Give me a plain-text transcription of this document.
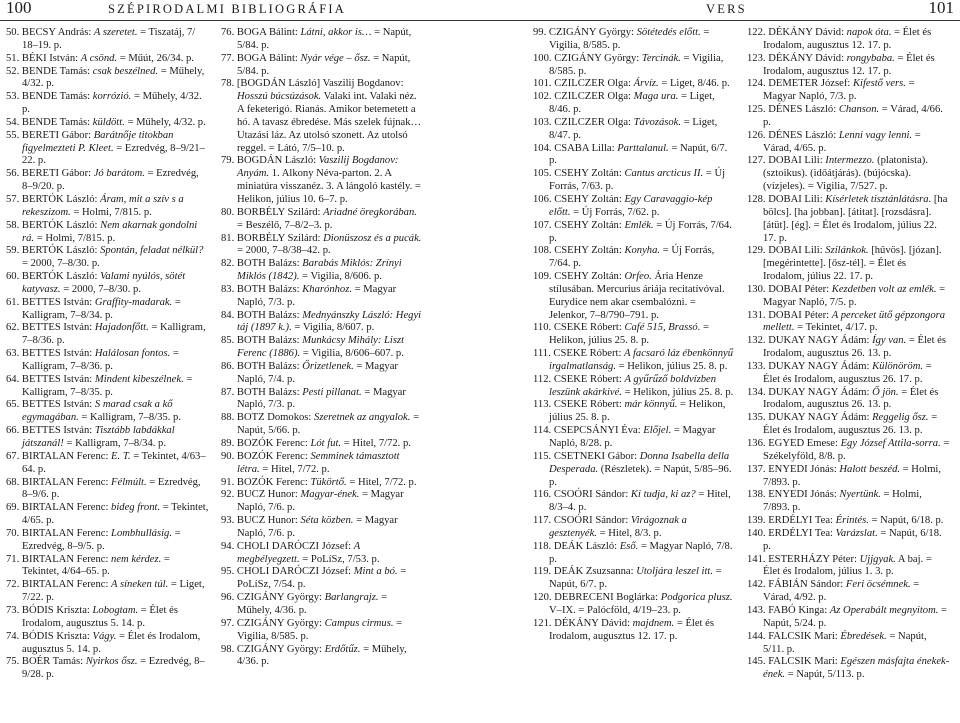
100	SZÉPIRODALMI BIBLIOGRÁFIA	VERS	101

50. BECSY András: A szeretet. = Tiszatáj, 7/ 18–19. p.

51. BÉKI István: A csönd. = Műút, 26/34. p.

52. BENDE Tamás: csak beszélned. = Műhely, 4/32. p.

53. BENDE Tamás: korrózió. = Műhely, 4/32. p.

54. BENDE Tamás: küldött. = Műhely, 4/32. p.

55. BERETI Gábor: Barátnője titokban figyelmezteti P. Kleet. = Ezredvég, 8–9/21–22. p.

56. BERETI Gábor: Jó barátom. = Ezredvég, 8–9/20. p.

57. BERTÓK László: Áram, mit a szív s a rekeszizom. = Holmi, 7/815. p.

58. BERTÓK László: Nem akarnak gondolni rá. = Holmi, 7/815. p.

59. BERTÓK László: Spontán, feladat nélkül? = 2000, 7–8/30. p.

60. BERTÓK László: Valami nyúlós, sötét katyvasz. = 2000, 7–8/30. p.

61. BETTES István: Graffity-madarak. = Kalligram, 7–8/34. p.

62. BETTES István: Hajadonfőtt. = Kalligram, 7–8/36. p.

63. BETTES István: Halálosan fontos. = Kalligram, 7–8/36. p.

64. BETTES István: Mindent kibeszélnek. = Kalligram, 7–8/35. p.

65. BETTES István: S marad csak a kő egymagában. = Kalligram, 7–8/35. p.

66. BETTES István: Tisztább labdákkal játszanál! = Kalligram, 7–8/34. p.

67. BIRTALAN Ferenc: E. T. = Tekintet, 4/63–64. p.

68. BIRTALAN Ferenc: Félmúlt. = Ezredvég, 8–9/6. p.

69. BIRTALAN Ferenc: bideg front. = Tekintet, 4/65. p.

70. BIRTALAN Ferenc: Lombhullásig. = Ezredvég, 8–9/5. p.

71. BIRTALAN Ferenc: nem kérdez. = Tekintet, 4/64–65. p.

72. BIRTALAN Ferenc: A síneken túl. = Liget, 7/22. p.

73. BÓDIS Kriszta: Lobogtam. = Élet és Irodalom, augusztus 5. 14. p.

74. BÓDIS Kriszta: Vágy. = Élet és Irodalom, augusztus 5. 14. p.

75. BOÉR Tamás: Nyirkos ősz. = Ezredvég, 8–9/28. p.

76. BOGA Bálint: Látni, akkor is… = Napút, 5/84. p.

77. BOGA Bálint: Nyár vége – ősz. = Napút, 5/84. p.

78. [BOGDÁN László] Vaszilij Bogdanov: Hosszú búcsúzások. Valaki int. Valaki néz. A feketerigó. Rianás. Amikor betemetett a hó. A tavasz ébredése. Más szelek fújnak… Utazási láz. Az utolsó szonett. Az utolsó reggel. = Látó, 7/5–10. p.

79. BOGDÁN László: Vaszilij Bogdanov: Anyám. 1. Alkony Néva-parton. 2. A miniatúra visszanéz. 3. A lángoló kastély. = Helikon, július 10. 6–7. p.

80. BORBÉLY Szilárd: Ariadné öregkorában. = Beszélő, 7–8/2–3. p.

81. BORBÉLY Szilárd: Dionüszosz és a pucák. = 2000, 7–8/38–42. p.

82. BOTH Balázs: Barabás Miklós: Zrínyi Miklós (1842). = Vigilia, 8/606. p.

83. BOTH Balázs: Kharónhoz. = Magyar Napló, 7/3. p.

84. BOTH Balázs: Mednyánszky László: Hegyi táj (1897 k.). = Vigilia, 8/607. p.

85. BOTH Balázs: Munkácsy Mihály: Liszt Ferenc (1886). = Vigilia, 8/606–607. p.

86. BOTH Balázs: Őrizetlenek. = Magyar Napló, 7/4. p.

87. BOTH Balázs: Pesti pillanat. = Magyar Napló, 7/3. p.

88. BOTZ Domokos: Szeretnek az angyalok. = Napút, 5/66. p.

89. BOZÓK Ferenc: Lót fut. = Hitel, 7/72. p.

90. BOZÓK Ferenc: Semminek támasztott létra. = Hitel, 7/72. p.

91. BOZÓK Ferenc: Tükörtő. = Hitel, 7/72. p.

92. BUCZ Hunor: Magyar-ének. = Magyar Napló, 7/6. p.

93. BUCZ Hunor: Séta közben. = Magyar Napló, 7/6. p.

94. CHOLI DARÓCZI József: A megbélyegzett. = PoLíSz, 7/53. p.

95. CHOLI DARÓCZI József: Mint a bó. = PoLíSz, 7/54. p.

96. CZIGÁNY György: Barlangrajz. = Műhely, 4/36. p.

97. CZIGÁNY György: Campus cirmus. = Vigilia, 8/585. p.

98. CZIGÁNY György: Erdőtűz. = Műhely, 4/36. p.

99. CZIGÁNY György: Sötétedés előtt. = Vigilia, 8/585. p.

100. CZIGÁNY György: Tercinák. = Vigilia, 8/585. p.

101. CZILCZER Olga: Árvíz. = Liget, 8/46. p.

102. CZILCZER Olga: Maga ura. = Liget, 8/46. p.

103. CZILCZER Olga: Távozások. = Liget, 8/47. p.

104. CSABA Lilla: Parttalanul. = Napút, 6/7. p.

105. CSEHY Zoltán: Cantus arcticus II. = Új Forrás, 7/63. p.

106. CSEHY Zoltán: Egy Caravaggio-kép előtt. = Új Forrás, 7/62. p.

107. CSEHY Zoltán: Emlék. = Új Forrás, 7/64. p.

108. CSEHY Zoltán: Konyha. = Új Forrás, 7/64. p.

109. CSEHY Zoltán: Orfeo. Ária Henze stílusában. Mercurius áriája recitatívóval. Eurydice nem akar csembalózni. = Jelenkor, 7–8/790–791. p.

110. CSEKE Róbert: Café 515, Brassó. = Helikon, július 25. 8. p.

111. CSEKE Róbert: A facsaró láz ébenkönnyű irgalmatlanság. = Helikon, július 25. 8. p.

112. CSEKE Róbert: A gyűrűző boldvízben leszünk akárkivé. = Helikon, július 25. 8. p.

113. CSEKE Róbert: már könnyű. = Helikon, július 25. 8. p.

114. CSEPCSÁNYI Éva: Előjel. = Magyar Napló, 8/28. p.

115. CSETNEKI Gábor: Donna Isabella della Desperada. (Részletek). = Napút, 5/85–96. p.

116. CSOÓRI Sándor: Ki tudja, ki az? = Hitel, 8/3–4. p.

117. CSOÓRI Sándor: Virágoznak a gesztenyék. = Hitel, 8/3. p.

118. DEÁK László: Eső. = Magyar Napló, 7/8. p.

119. DEÁK Zsuzsanna: Utoljára leszel itt. = Napút, 6/7. p.

120. DEBRECENI Boglárka: Podgorica plusz. V–IX. = Palócföld, 4/19–23. p.

121. DÉKÁNY Dávid: majdnem. = Élet és Irodalom, augusztus 12. 17. p.

122. DÉKÁNY Dávid: napok óta. = Élet és Irodalom, augusztus 12. 17. p.

123. DÉKÁNY Dávid: rongybaba. = Élet és Irodalom, augusztus 12. 17. p.

124. DEMETER József: Kifestő vers. = Magyar Napló, 7/3. p.

125. DÉNES László: Chanson. = Várad, 4/66. p.

126. DÉNES László: Lenni vagy lenni. = Várad, 4/65. p.

127. DOBAI Lili: Intermezzo. (platonista). (sztoikus). (időátjárás). (bújócska). (vízjeles). = Vigilia, 7/527. p.

128. DOBAI Lili: Kísérletek tisztánlátásra. [ha bölcs]. [ha jobban]. [átitat]. [rozsdásra]. [átüt]. [ég]. = Élet és Irodalom, július 22. 17. p.

129. DOBAI Lili: Szilánkok. [hűvös]. [józan]. [megérintette]. [ősz-tél]. = Élet és Irodalom, július 22. 17. p.

130. DOBAI Péter: Kezdetben volt az emlék. = Magyar Napló, 7/5. p.

131. DOBAI Péter: A perceket ütő gépzongora mellett. = Tekintet, 4/17. p.

132. DUKAY NAGY Ádám: Így van. = Élet és Irodalom, augusztus 26. 13. p.

133. DUKAY NAGY Ádám: Különöröm. = Élet és Irodalom, augusztus 26. 17. p.

134. DUKAY NAGY Ádám: Ő jön. = Élet és Irodalom, augusztus 26. 13. p.

135. DUKAY NAGY Ádám: Reggelig ősz. = Élet és Irodalom, augusztus 26. 13. p.

136. EGYED Emese: Egy József Attila-sorra. = Székelyföld, 8/8. p.

137. ENYEDI Jónás: Halott beszéd. = Holmi, 7/893. p.

138. ENYEDI Jónás: Nyertünk. = Holmi, 7/893. p.

139. ERDÉLYI Tea: Érintés. = Napút, 6/18. p.

140. ERDÉLYI Tea: Varázslat. = Napút, 6/18. p.

141. ESTERHÁZY Péter: Ujjgyak. A baj. = Élet és Irodalom, július 1. 3. p.

142. FÁBIÁN Sándor: Feri öcsémnek. = Várad, 4/92. p.

143. FABÓ Kinga: Az Operabált megnyitom. = Napút, 5/24. p.

144. FALCSIK Mari: Ébredések. = Napút, 5/11. p.

145. FALCSIK Mari: Egészen másfajta énekek-ének. = Napút, 5/113. p.
